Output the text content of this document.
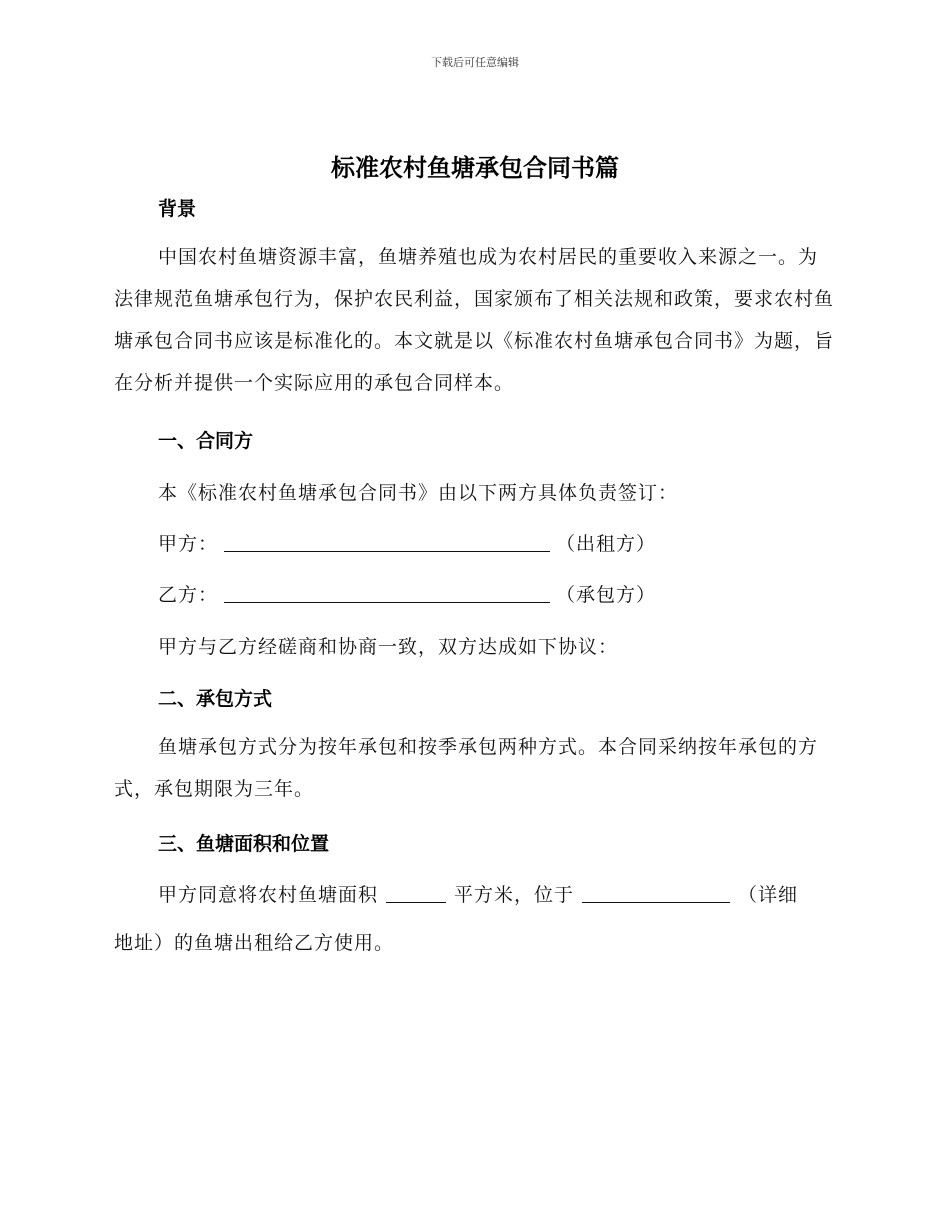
下载后可任意编辑
标准农村鱼塘承包合同书篇
背景
中国农村鱼塘资源丰富，鱼塘养殖也成为农村居民的重要收入来源之一。为法律规范鱼塘承包行为，保护农民利益，国家颁布了相关法规和政策，要求农村鱼塘承包合同书应该是标准化的。本文就是以《标准农村鱼塘承包合同书》为题，旨在分析并提供一个实际应用的承包合同样本。
一、合同方
本《标准农村鱼塘承包合同书》由以下两方具体负责签订：
甲方：	（出租方）
乙方：	（承包方）
甲方与乙方经磋商和协商一致，双方达成如下协议：
二、承包方式
鱼塘承包方式分为按年承包和按季承包两种方式。本合同采纳按年承包的方式，承包期限为三年。
三、鱼塘面积和位置
甲方同意将农村鱼塘面积	平方米，位于	（详细
地址）的鱼塘出租给乙方使用。
